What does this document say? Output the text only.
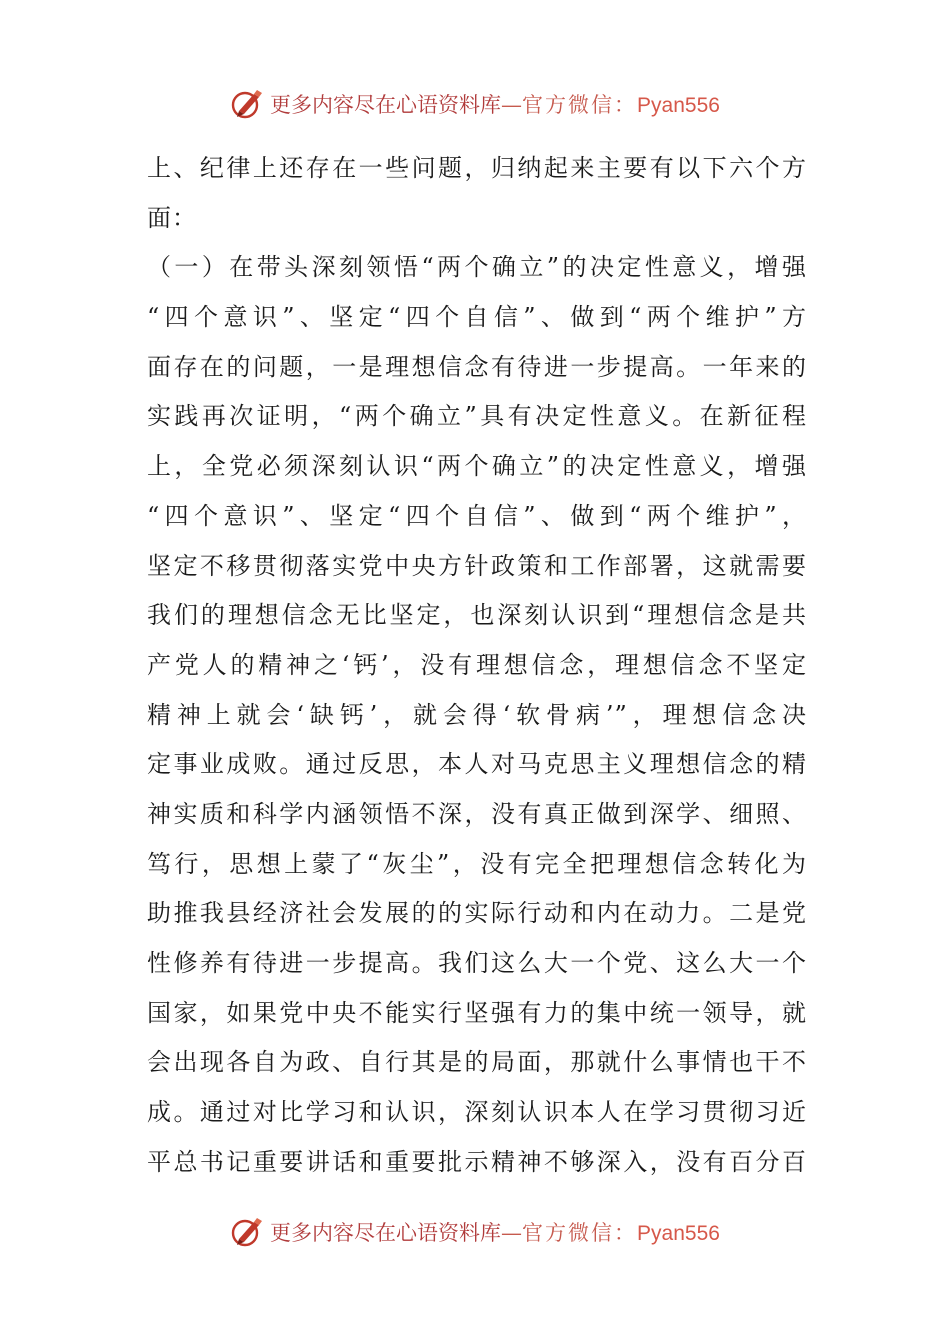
更多内容尽在心语资料库 — 官方微信： Pyan556
上、纪律上还存在一些问题，归纳起来主要有以下六个方
面：
（一）在带头深刻领悟“两个确立”的决定性意义，增强
“四个意识”、坚定“四个自信”、做到“两个维护”方
面存在的问题，一是理想信念有待进一步提高。一年来的
实践再次证明，“两个确立”具有决定性意义。在新征程
上，全党必须深刻认识“两个确立”的决定性意义，增强
“四个意识”、坚定“四个自信”、做到“两个维护”，
坚定不移贯彻落实党中央方针政策和工作部署，这就需要
我们的理想信念无比坚定，也深刻认识到“理想信念是共
产党人的精神之‘钙’，没有理想信念，理想信念不坚定
精神上就会‘缺钙’，就会得‘软骨病’”，理想信念决
定事业成败。通过反思，本人对马克思主义理想信念的精
神实质和科学内涵领悟不深，没有真正做到深学、细照、
笃行，思想上蒙了“灰尘”，没有完全把理想信念转化为
助推我县经济社会发展的的实际行动和内在动力。二是党
性修养有待进一步提高。我们这么大一个党、这么大一个
国家，如果党中央不能实行坚强有力的集中统一领导，就
会出现各自为政、自行其是的局面，那就什么事情也干不
成。通过对比学习和认识，深刻认识本人在学习贯彻习近
平总书记重要讲话和重要批示精神不够深入，没有百分百
更多内容尽在心语资料库 — 官方微信： Pyan556
